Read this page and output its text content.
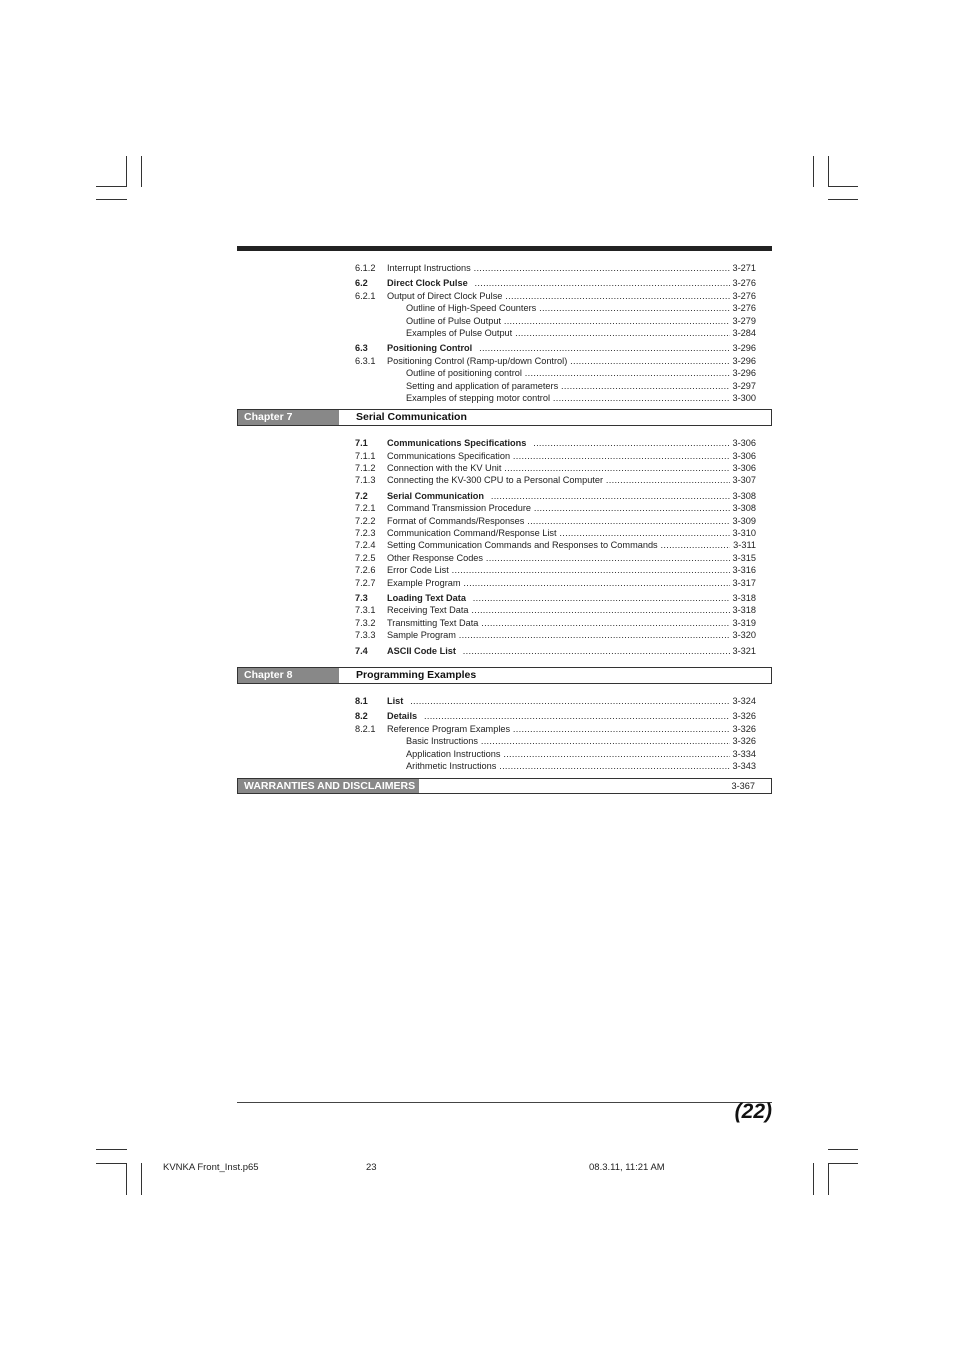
6.1.2 Interrupt Instructions .....	3-271
6.2 Direct Clock Pulse .....	3-276
6.2.1 Output of Direct Clock Pulse .....	3-276
Outline of High-Speed Counters .....	3-276
Outline of Pulse Output .....	3-279
Examples of Pulse Output .....	3-284
6.3 Positioning Control .....	3-296
6.3.1 Positioning Control (Ramp-up/down Control) .....	3-296
Outline of positioning control .....	3-296
Setting and application of parameters .....	3-297
Examples of stepping motor control .....	3-300
Chapter 7	Serial Communication
7.1 Communications Specifications .....	3-306
7.1.1 Communications Specification .....	3-306
7.1.2 Connection with the KV Unit .....	3-306
7.1.3 Connecting the KV-300 CPU to a Personal Computer .....	3-307
7.2 Serial Communication .....	3-308
7.2.1 Command Transmission Procedure .....	3-308
7.2.2 Format of Commands/Responses .....	3-309
7.2.3 Communication Command/Response List .....	3-310
7.2.4 Setting Communication Commands and Responses to Commands .....	3-311
7.2.5 Other Response Codes .....	3-315
7.2.6 Error Code List .....	3-316
7.2.7 Example Program .....	3-317
7.3 Loading Text Data .....	3-318
7.3.1 Receiving Text Data .....	3-318
7.3.2 Transmitting Text Data .....	3-319
7.3.3 Sample Program .....	3-320
7.4 ASCII Code List .....	3-321
Chapter 8	Programming Examples
8.1 List .....	3-324
8.2 Details .....	3-326
8.2.1 Reference Program Examples .....	3-326
Basic Instructions .....	3-326
Application Instructions .....	3-334
Arithmetic Instructions .....	3-343
WARRANTIES AND DISCLAIMERS	3-367
(22)
KVNKA Front_Inst.p65	23	08.3.11, 11:21 AM
